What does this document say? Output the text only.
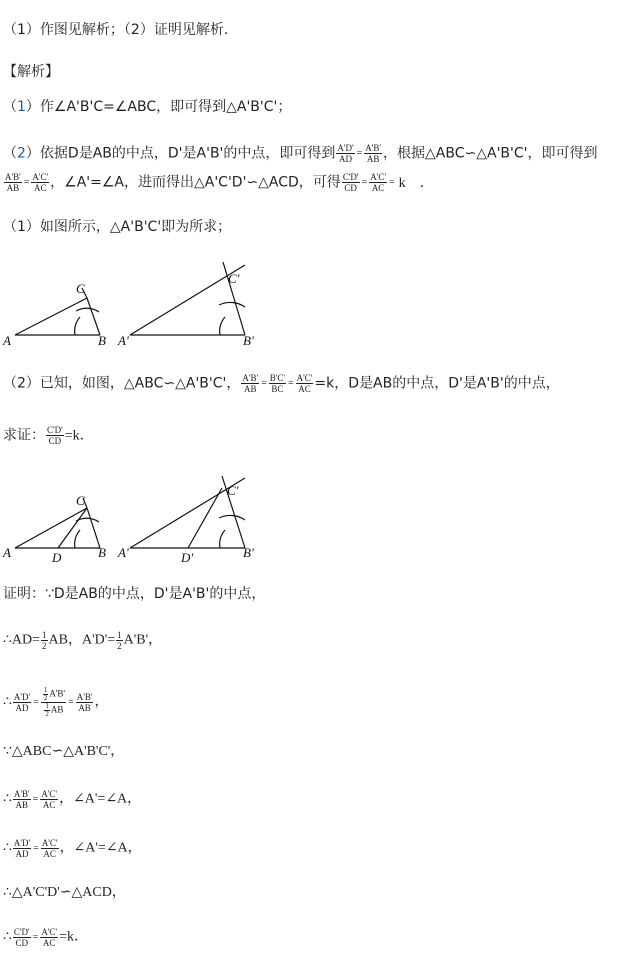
（1）作图见解析；（2）证明见解析.
【解析】
（1）作∠A'B'C=∠ABC，即可得到△A'B'C'；
（2）依据D是AB的中点，D'是A'B'的中点，即可得到 $\frac{A'D'}{AD} = \frac{A'B'}{AB}$ ，根据△ABC∽△A'B'C'，即可得到
$\frac{A'B'}{AB} = \frac{A'C'}{AC}$ ，∠A'=∠A，进而得出△A'C'D'∽△ACD，可得 $\frac{C'D'}{CD} = \frac{A'C'}{AC} = k$ .
（1）如图所示，△A'B'C'即为所求；
A	B
C
A'	B'
C'
（2）已知，如图，△ABC∽△A'B'C'， $\frac{A'B'}{AB} = \frac{B'C'}{BC} = \frac{A'C'}{AC} =k$，D是AB的中点，D'是A'B'的中点，
求证： $\frac{C'D'}{CD} =k$．
A	B
C
D	A'	B'
C'
D'
证明：∵D是AB的中点，D'是A'B'的中点，
∴AD= $\frac{1}{2}$ AB，$A'D'= \frac{1}{2} A'B'$，
∴ $\frac{A'D'}{AD} = \frac{\frac{1}{2} A'B'}{\frac{1}{2} AB} = \frac{A'B'}{AB}$ ，
∵△ABC∽△A'B'C'，
∴ $\frac{A'B'}{AB} = \frac{A'C'}{AC}$ ，∠A'=∠A，
∴ $\frac{A'D'}{AD} = \frac{A'C'}{AC}$ ，∠A'=∠A，
∴△A'C'D'∽△ACD，
∴ $\frac{C'D'}{CD} = \frac{A'C'}{AC} =k$．
